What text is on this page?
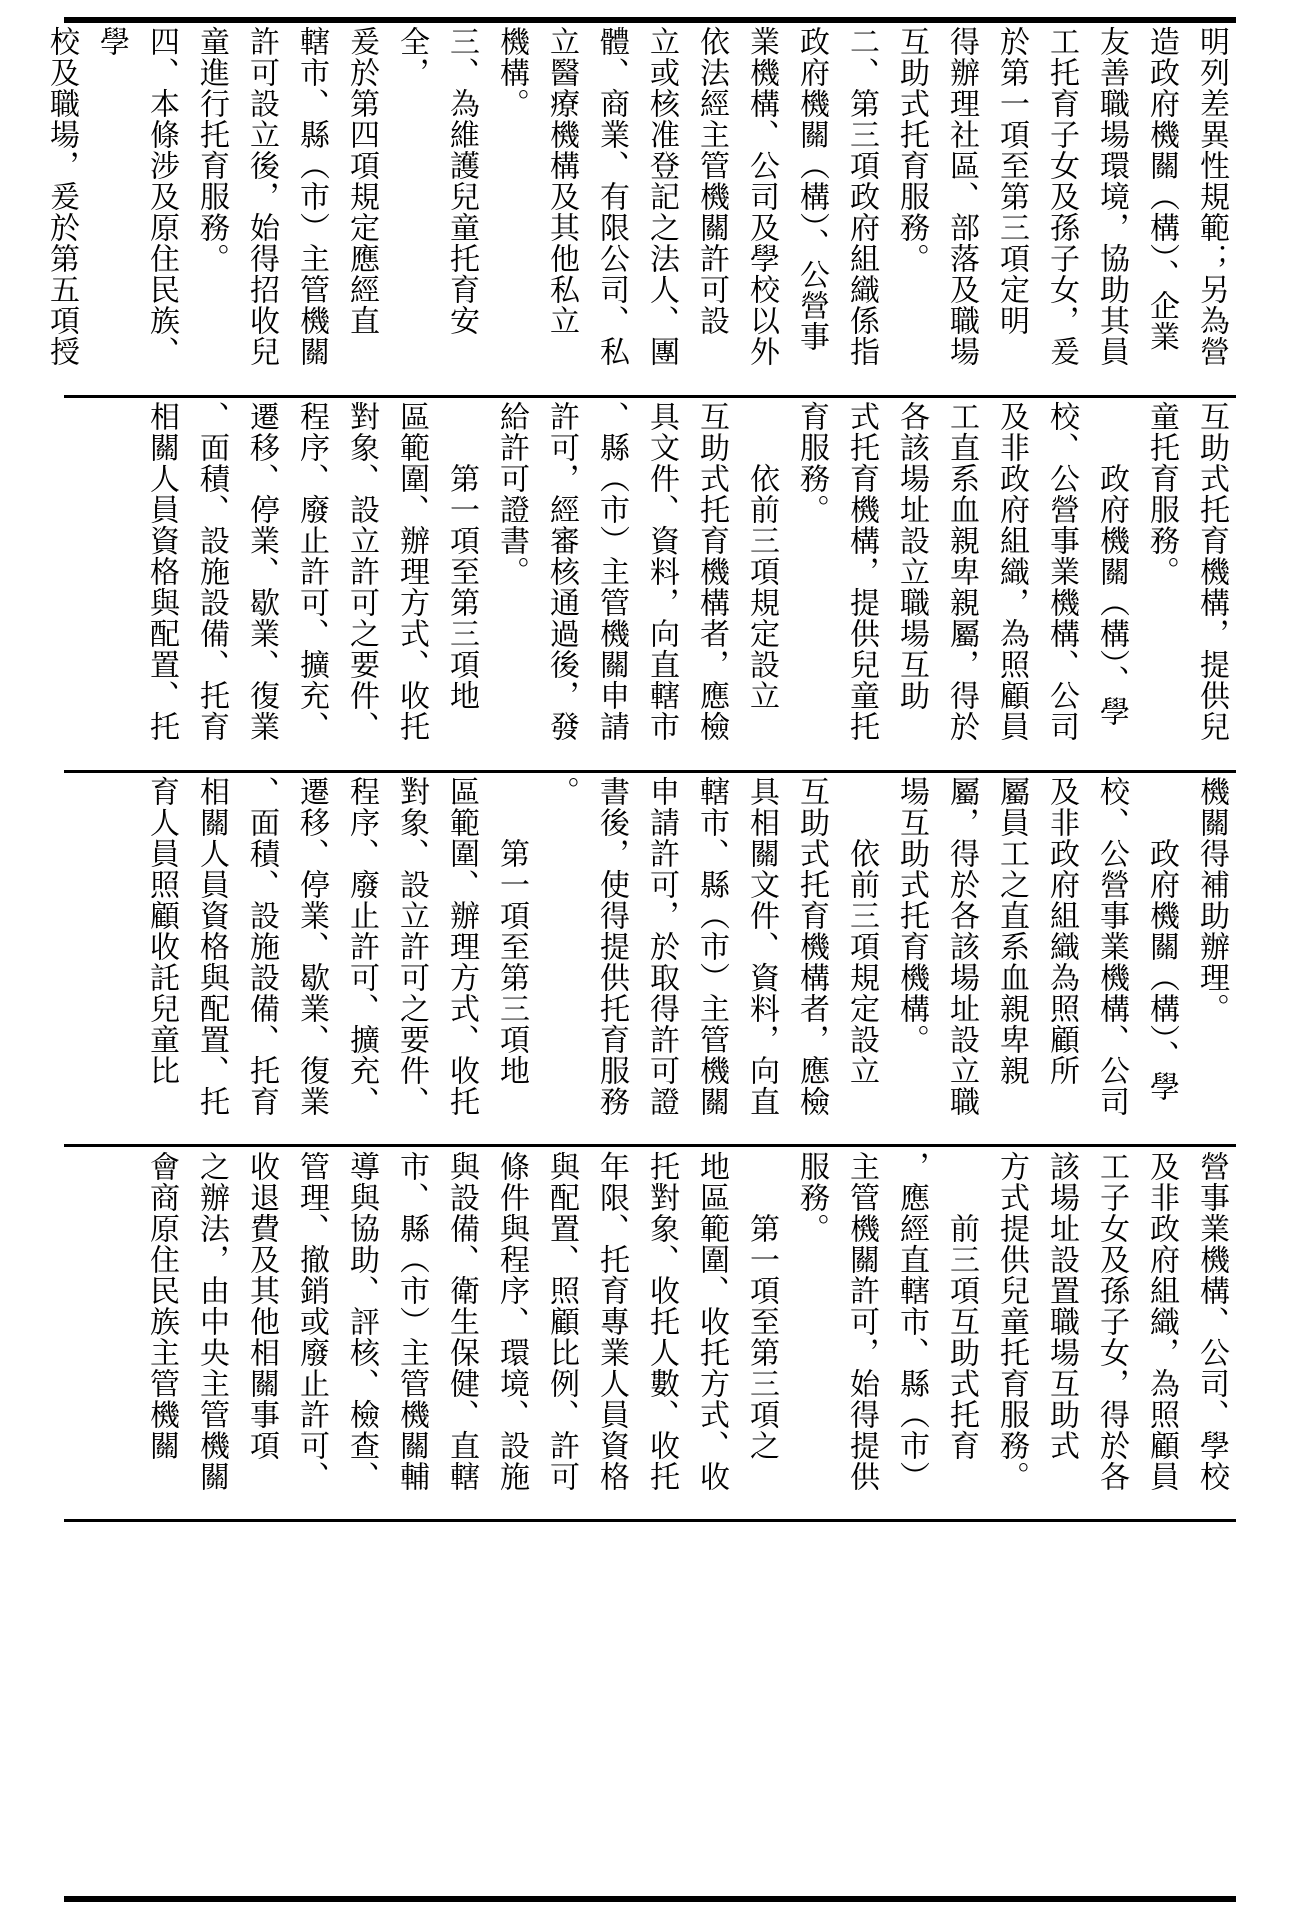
明列差異性規範；另為營
造政府機關（構）、企業
友善職場環境，協助其員
工托育子女及孫子女，爰
於第一項至第三項定明
得辦理社區、部落及職場
互助式托育服務。
二、第三項政府組織係指
政府機關（構）、公營事
業機構、公司及學校以外
依法經主管機關許可設
立或核准登記之法人、團
體、商業、有限公司、私
立醫療機構及其他私立
機構。
三、為維護兒童托育安全，
爰於第四項規定應經直
轄市、縣（市）主管機關
許可設立後，始得招收兒
童進行托育服務。
四、本條涉及原住民族、學
校及職場，爰於第五項授
互助式托育機構，提供兒
童托育服務。
　　政府機關（構）、學
校、公營事業機構、公司
及非政府組織，為照顧員
工直系血親卑親屬，得於
各該場址設立職場互助
式托育機構，提供兒童托
育服務。
　　依前三項規定設立
互助式托育機構者，應檢
具文件、資料，向直轄市
、縣（市）主管機關申請
許可，經審核通過後，發
給許可證書。
　　第一項至第三項地
區範圍、辦理方式、收托
對象、設立許可之要件、
程序、廢止許可、擴充、
遷移、停業、歇業、復業
、面積、設施設備、托育
相關人員資格與配置、托
機關得補助辦理。
　　政府機關（構）、學
校、公營事業機構、公司
及非政府組織為照顧所
屬員工之直系血親卑親
屬，得於各該場址設立職
場互助式托育機構。
　　依前三項規定設立
互助式托育機構者，應檢
具相關文件、資料，向直
轄市、縣（市）主管機關
申請許可，於取得許可證
書後，使得提供托育服務
。
　　第一項至第三項地
區範圍、辦理方式、收托
對象、設立許可之要件、
程序、廢止許可、擴充、
遷移、停業、歇業、復業
、面積、設施設備、托育
相關人員資格與配置、托
育人員照顧收託兒童比
營事業機構、公司、學校
及非政府組織，為照顧員
工子女及孫子女，得於各
該場址設置職場互助式
方式提供兒童托育服務。
　　前三項互助式托育
，應經直轄市、縣（市）
主管機關許可，始得提供
服務。
　　第一項至第三項之
地區範圍、收托方式、收
托對象、收托人數、收托
年限、托育專業人員資格
與配置、照顧比例、許可
條件與程序、環境、設施
與設備、衛生保健、直轄
市、縣（市）主管機關輔
導與協助、評核、檢查、
管理、撤銷或廢止許可、
收退費及其他相關事項
之辦法，由中央主管機關
會商原住民族主管機關
